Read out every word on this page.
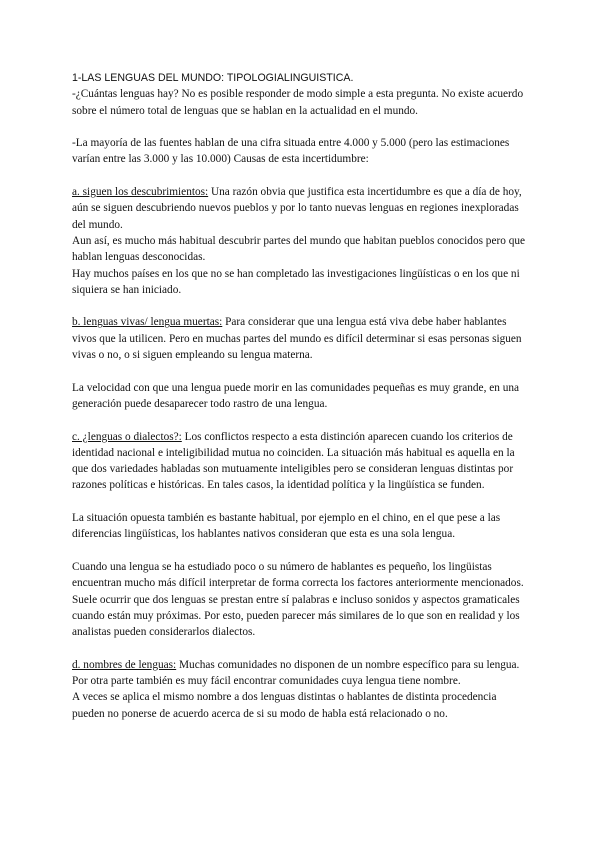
1-LAS LENGUAS DEL MUNDO: TIPOLOGIALINGUISTICA.

-¿Cuántas lenguas hay? No es posible responder de modo simple a esta pregunta. No existe acuerdo sobre el número total de lenguas que se hablan en la actualidad en el mundo.

-La mayoría de las fuentes hablan de una cifra situada entre 4.000 y 5.000 (pero las estimaciones varían entre las 3.000 y las 10.000) Causas de esta incertidumbre:

a. siguen los descubrimientos: Una razón obvia que justifica esta incertidumbre es que a día de hoy, aún se siguen descubriendo nuevos pueblos y por lo tanto nuevas lenguas en regiones inexploradas del mundo.

Aun así, es mucho más habitual descubrir partes del mundo que habitan pueblos conocidos pero que hablan lenguas desconocidas.

Hay muchos países en los que no se han completado las investigaciones lingüísticas o en los que ni siquiera se han iniciado.

b. lenguas vivas/ lengua muertas: Para considerar que una lengua está viva debe haber hablantes vivos que la utilicen. Pero en muchas partes del mundo es difícil determinar si esas personas siguen vivas o no, o si siguen empleando su lengua materna.

La velocidad con que una lengua puede morir en las comunidades pequeñas es muy grande, en una generación puede desaparecer todo rastro de una lengua.

c. ¿lenguas o dialectos?: Los conflictos respecto a esta distinción aparecen cuando los criterios de identidad nacional e inteligibilidad mutua no coinciden. La situación más habitual es aquella en la que dos variedades habladas son mutuamente inteligibles pero se consideran lenguas distintas por razones políticas e históricas. En tales casos, la identidad política y la lingüística se funden.

La situación opuesta también es bastante habitual, por ejemplo en el chino, en el que pese a las diferencias lingüísticas, los hablantes nativos consideran que esta es una sola lengua.

Cuando una lengua se ha estudiado poco o su número de hablantes es pequeño, los lingüistas encuentran mucho más difícil interpretar de forma correcta los factores anteriormente mencionados.

Suele ocurrir que dos lenguas se prestan entre sí palabras e incluso sonidos y aspectos gramaticales cuando están muy próximas. Por esto, pueden parecer más similares de lo que son en realidad y los analistas pueden considerarlos dialectos.

d. nombres de lenguas: Muchas comunidades no disponen de un nombre específico para su lengua.

Por otra parte también es muy fácil encontrar comunidades cuya lengua tiene nombre.

A veces se aplica el mismo nombre a dos lenguas distintas o hablantes de distinta procedencia pueden no ponerse de acuerdo acerca de si su modo de habla está relacionado o no.
